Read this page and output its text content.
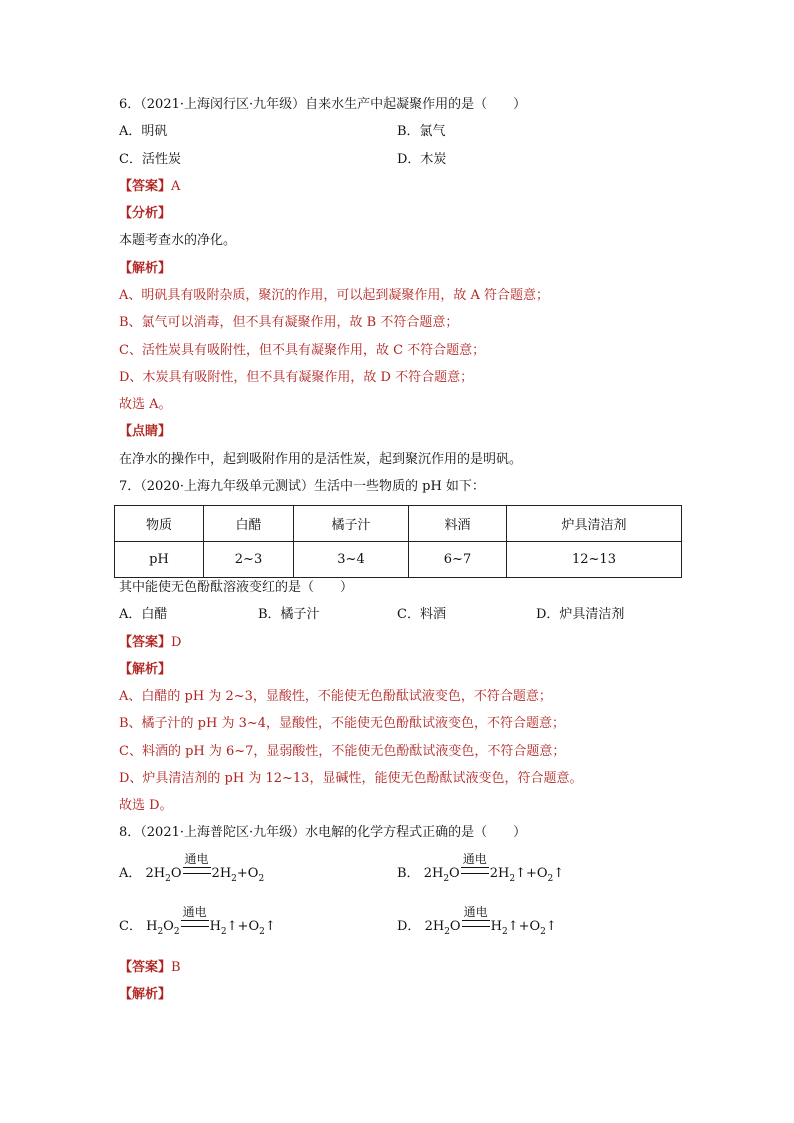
6．（2021·上海闵行区·九年级）自来水生产中起凝聚作用的是（　　）
A．明矾	B．氯气
C．活性炭	D．木炭
【答案】A
【分析】
本题考查水的净化。
【解析】
A、明矾具有吸附杂质，聚沉的作用，可以起到凝聚作用，故 A 符合题意；
B、氯气可以消毒，但不具有凝聚作用，故 B 不符合题意；
C、活性炭具有吸附性，但不具有凝聚作用，故 C 不符合题意；
D、木炭具有吸附性，但不具有凝聚作用，故 D 不符合题意；
故选 A。
【点睛】
在净水的操作中，起到吸附作用的是活性炭，起到聚沉作用的是明矾。
7．（2020·上海九年级单元测试）生活中一些物质的 pH 如下：
物质	白醋	橘子汁	料酒	炉具清洁剂
pH	2~3	3~4	6~7	12~13
其中能使无色酚酞溶液变红的是（　　）
A．白醋	B．橘子汁	C．料酒	D．炉具清洁剂
【答案】D
【解析】
A、白醋的 pH 为 2~3，显酸性，不能使无色酚酞试液变色，不符合题意；
B、橘子汁的 pH 为 3~4，显酸性，不能使无色酚酞试液变色，不符合题意；
C、料酒的 pH 为 6~7，显弱酸性，不能使无色酚酞试液变色，不符合题意；
D、炉具清洁剂的 pH 为 12~13，显碱性，能使无色酚酞试液变色，符合题意。
故选 D。
8．（2021·上海普陀区·九年级）水电解的化学方程式正确的是（　　）
A． $2H_2O$
通电
$2H_2+O_2$	B． $2H_2O$
通电
$2H_2↑+O_2↑$
C． $H_2O_2$
通电
$H_2↑+O_2↑$	D． $2H_2O$
通电
$H_2↑+O_2↑$
【答案】B
【解析】
